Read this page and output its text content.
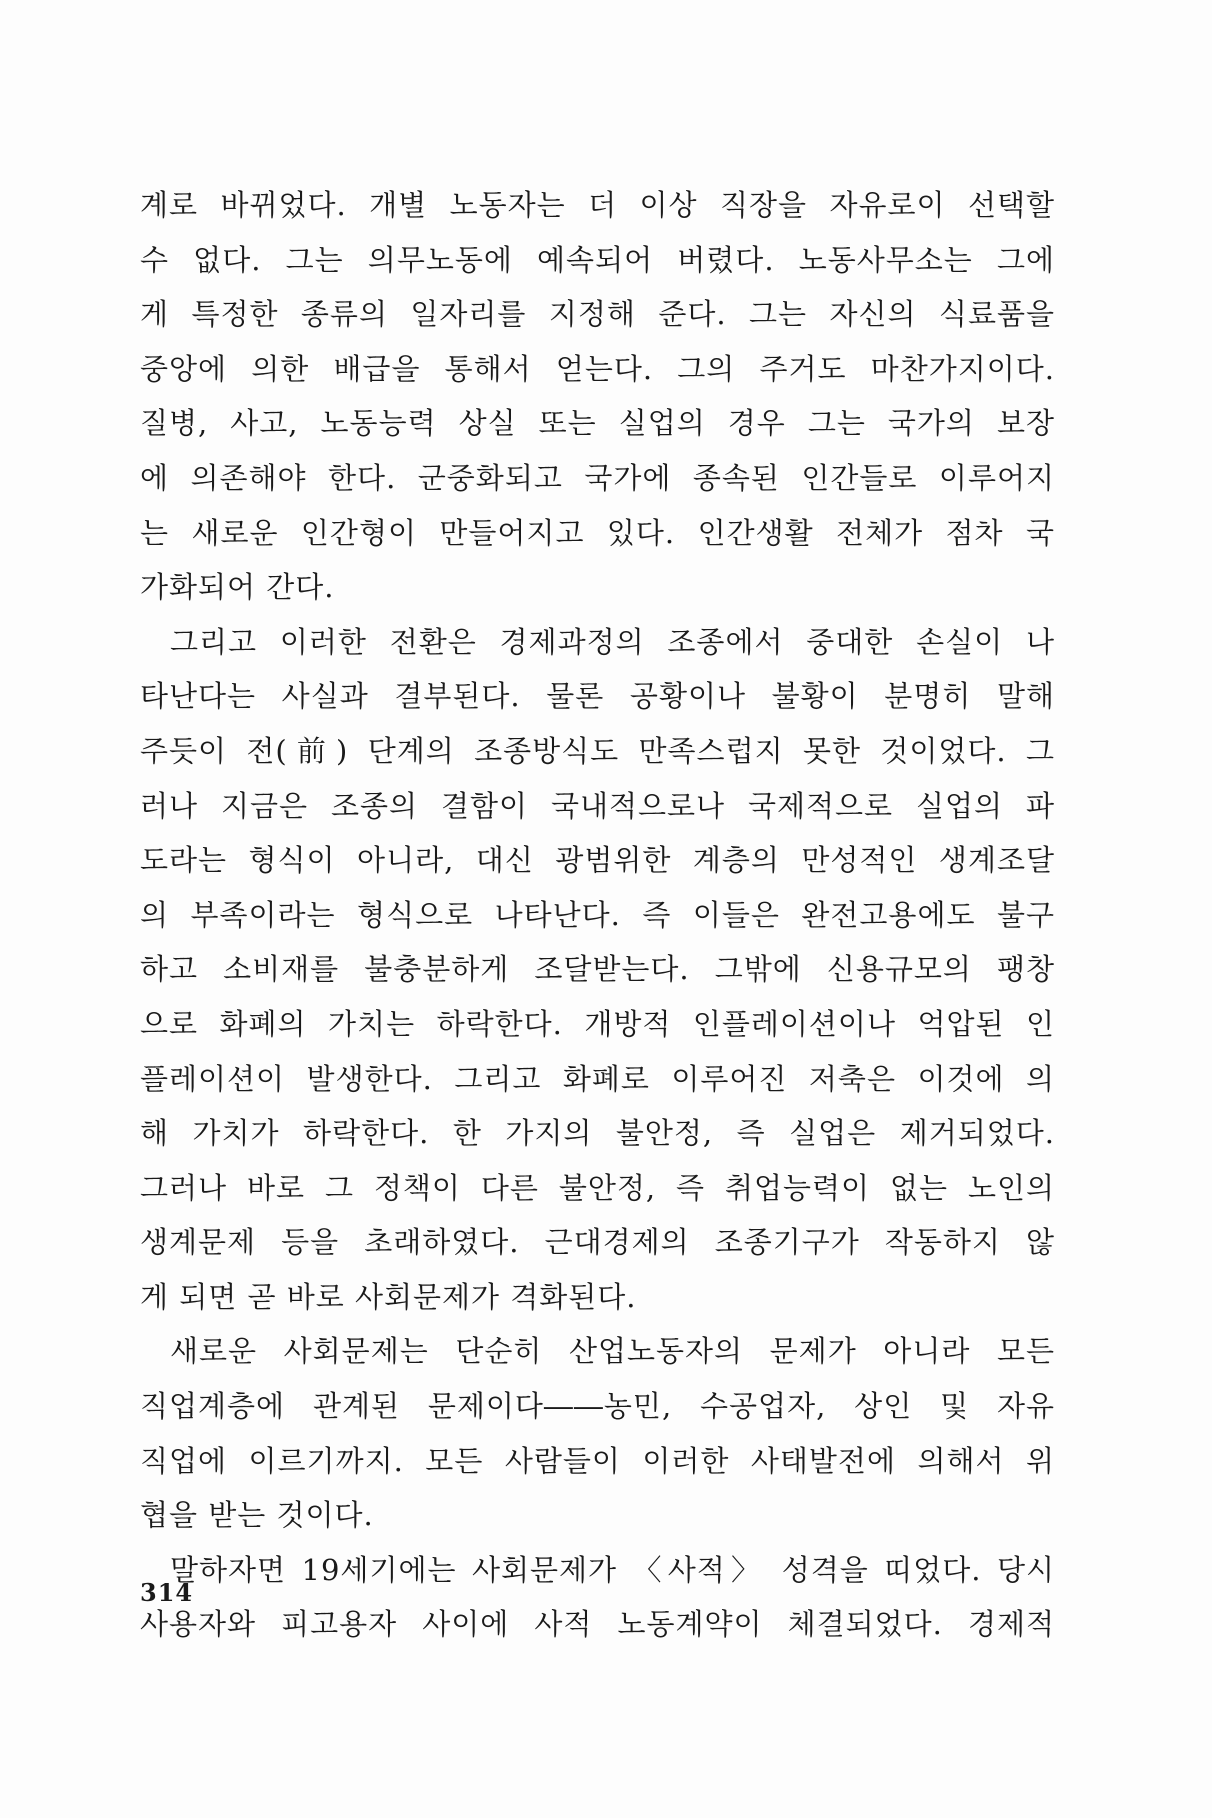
계로 바뀌었다. 개별 노동자는 더 이상 직장을 자유로이 선택할
수 없다. 그는 의무노동에 예속되어 버렸다. 노동사무소는 그에
게 특정한 종류의 일자리를 지정해 준다. 그는 자신의 식료품을
중앙에 의한 배급을 통해서 얻는다. 그의 주거도 마찬가지이다.
질병, 사고, 노동능력 상실 또는 실업의 경우 그는 국가의 보장
에 의존해야 한다. 군중화되고 국가에 종속된 인간들로 이루어지
는 새로운 인간형이 만들어지고 있다. 인간생활 전체가 점차 국
가화되어 간다.
그리고 이러한 전환은 경제과정의 조종에서 중대한 손실이 나
타난다는 사실과 결부된다. 물론 공황이나 불황이 분명히 말해
주듯이 전(前) 단계의 조종방식도 만족스럽지 못한 것이었다. 그
러나 지금은 조종의 결함이 국내적으로나 국제적으로 실업의 파
도라는 형식이 아니라, 대신 광범위한 계층의 만성적인 생계조달
의 부족이라는 형식으로 나타난다. 즉 이들은 완전고용에도 불구
하고 소비재를 불충분하게 조달받는다. 그밖에 신용규모의 팽창
으로 화폐의 가치는 하락한다. 개방적 인플레이션이나 억압된 인
플레이션이 발생한다. 그리고 화폐로 이루어진 저축은 이것에 의
해 가치가 하락한다. 한 가지의 불안정, 즉 실업은 제거되었다.
그러나 바로 그 정책이 다른 불안정, 즉 취업능력이 없는 노인의
생계문제 등을 초래하였다. 근대경제의 조종기구가 작동하지 않
게 되면 곧 바로 사회문제가 격화된다.
새로운 사회문제는 단순히 산업노동자의 문제가 아니라 모든
직업계층에 관계된 문제이다――농민, 수공업자, 상인 및 자유
직업에 이르기까지. 모든 사람들이 이러한 사태발전에 의해서 위
협을 받는 것이다.
말하자면 19세기에는 사회문제가 〈사적〉 성격을 띠었다. 당시
사용자와 피고용자 사이에 사적 노동계약이 체결되었다. 경제적
314
